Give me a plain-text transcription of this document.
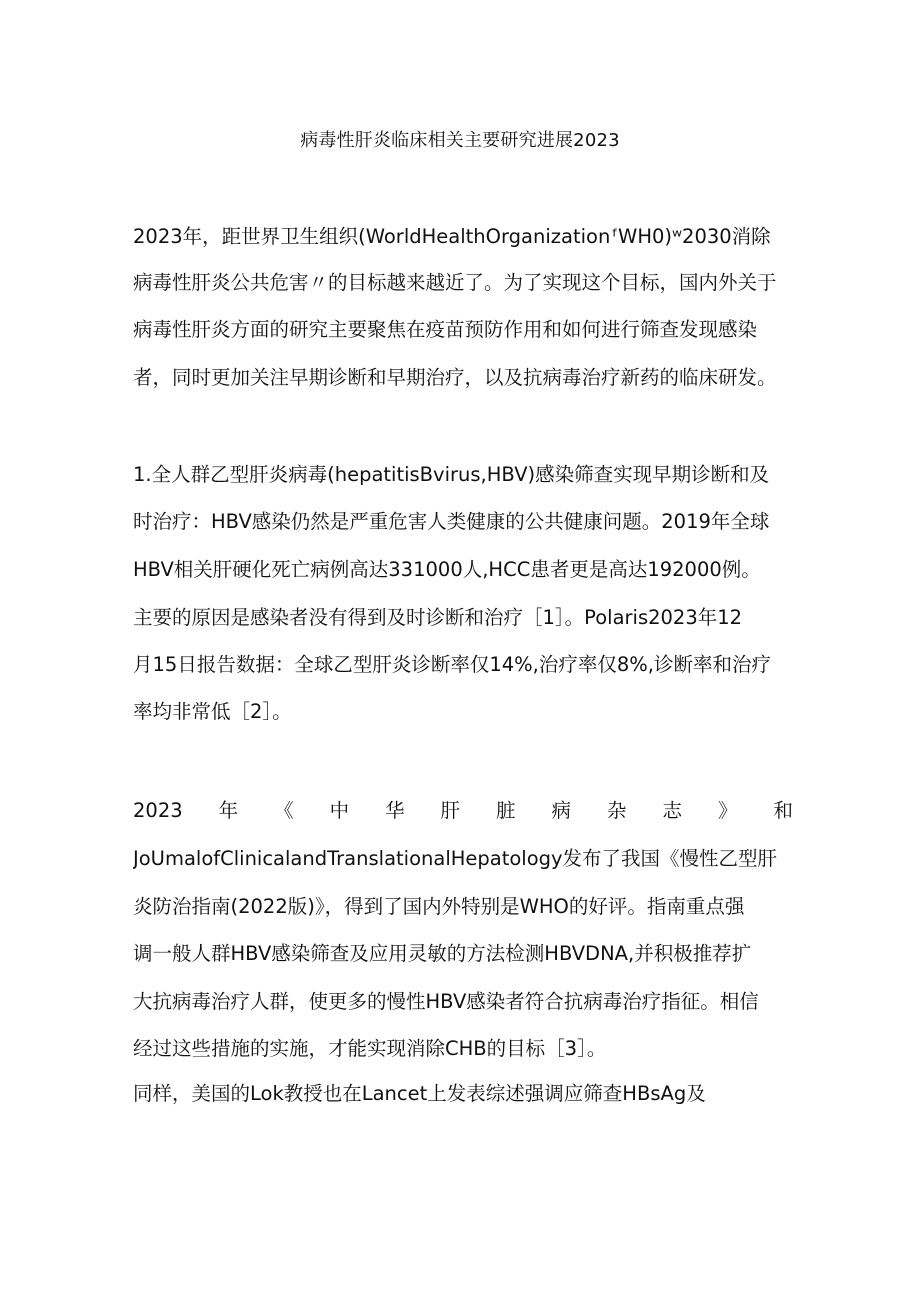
病毒性肝炎临床相关主要研究进展2023
2023年，距世界卫生组织(WorldHealthOrganization ᶠWH0)ʷ2030消除
病毒性肝炎公共危害〃的目标越来越近了。为了实现这个目标，国内外关于
病毒性肝炎方面的研究主要聚焦在疫苗预防作用和如何进行筛查发现感染
者，同时更加关注早期诊断和早期治疗，以及抗病毒治疗新药的临床研发。
1.全人群乙型肝炎病毒(hepatitisBvirus,HBV)感染筛查实现早期诊断和及
时治疗：HBV感染仍然是严重危害人类健康的公共健康问题。2019年全球
HBV相关肝硬化死亡病例高达331000人,HCC患者更是高达192000例。
主要的原因是感染者没有得到及时诊断和治疗［1］。Polaris2023年12
月15日报告数据：全球乙型肝炎诊断率仅14%,治疗率仅8%,诊断率和治疗
率均非常低［2］。
2023 年 《 中 华 肝 脏 病 杂 志 》 和
JoUmalofClinicalandTranslationalHepatology发布了我国《慢性乙型肝
炎防治指南(2022版)》，得到了国内外特别是WHO的好评。指南重点强
调一般人群HBV感染筛查及应用灵敏的方法检测HBVDNA,并积极推荐扩
大抗病毒治疗人群，使更多的慢性HBV感染者符合抗病毒治疗指征。相信
经过这些措施的实施，才能实现消除CHB的目标［3］。
同样，美国的Lok教授也在Lancet上发表综述强调应筛查HBsAg及
